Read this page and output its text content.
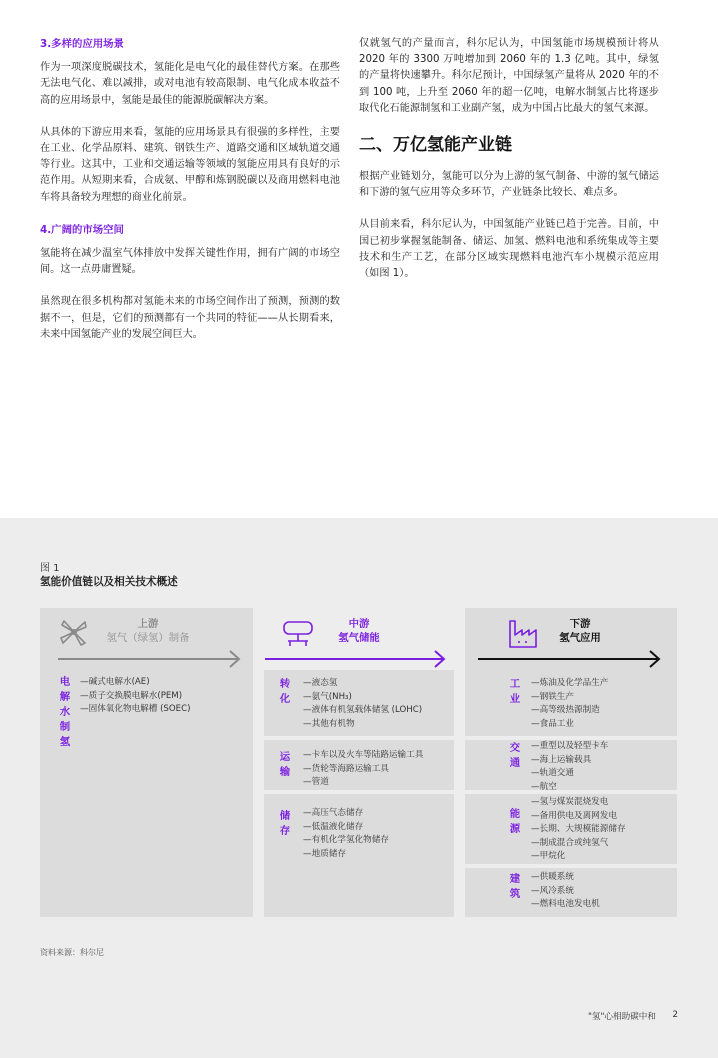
3.多样的应用场景
作为一项深度脱碳技术，氢能化是电气化的最佳替代方案。在那些无法电气化、难以减排，或对电池有较高限制、电气化成本收益不高的应用场景中，氢能是最佳的能源脱碳解决方案。
从具体的下游应用来看，氢能的应用场景具有很强的多样性，主要在工业、化学品原料、建筑、钢铁生产、道路交通和区域轨道交通等行业。这其中，工业和交通运输等领域的氢能应用具有良好的示范作用。从短期来看，合成氨、甲醇和炼钢脱碳以及商用燃料电池车将具备较为理想的商业化前景。
4.广阔的市场空间
氢能将在减少温室气体排放中发挥关键性作用，拥有广阔的市场空间。这一点毋庸置疑。
虽然现在很多机构都对氢能未来的市场空间作出了预测，预测的数据不一，但是，它们的预测都有一个共同的特征——从长期看来，未来中国氢能产业的发展空间巨大。
仅就氢气的产量而言，科尔尼认为，中国氢能市场规模预计将从 2020 年的 3300 万吨增加到 2060 年的 1.3 亿吨。其中，绿氢的产量将快速攀升。科尔尼预计，中国绿氢产量将从 2020 年的不到 100 吨，上升至 2060 年的超一亿吨，电解水制氢占比将逐步取代化石能源制氢和工业副产氢，成为中国占比最大的氢气来源。
二、万亿氢能产业链
根据产业链划分，氢能可以分为上游的氢气制备、中游的氢气储运和下游的氢气应用等众多环节，产业链条比较长、难点多。
从目前来看，科尔尼认为，中国氢能产业链已趋于完善。目前，中国已初步掌握氢能制备、储运、加氢、燃料电池和系统集成等主要技术和生产工艺，在部分区域实现燃料电池汽车小规模示范应用（如图 1）。
图 1
氢能价值链以及相关技术概述
上游
氢气（绿氢）制备
中游
氢气储能
下游
氢气应用
电
解
水
制
氢
—碱式电解水(AE)
—质子交换膜电解水(PEM)
—固体氧化物电解槽 (SOEC)
转
化
—液态氢
—氨气(NH₃)
—液体有机氢载体储氢 (LOHC)
—其他有机物
运
输
—卡车以及火车等陆路运输工具
—货轮等海路运输工具
—管道
储
存
—高压气态储存
—低温液化储存
—有机化学氢化物储存
—地质储存
工
业
—炼油及化学品生产
—钢铁生产
—高等级热源制造
—食品工业
交
通
—重型以及轻型卡车
—海上运输载具
—轨道交通
—航空
能
源
—氢与煤炭混烧发电
—备用供电及离网发电
—长期、大规模能源储存
—制成混合或纯氢气
—甲烷化
建
筑
—供暖系统
—风冷系统
—燃料电池发电机
资料来源：科尔尼
"氢"心相助碳中和 2
